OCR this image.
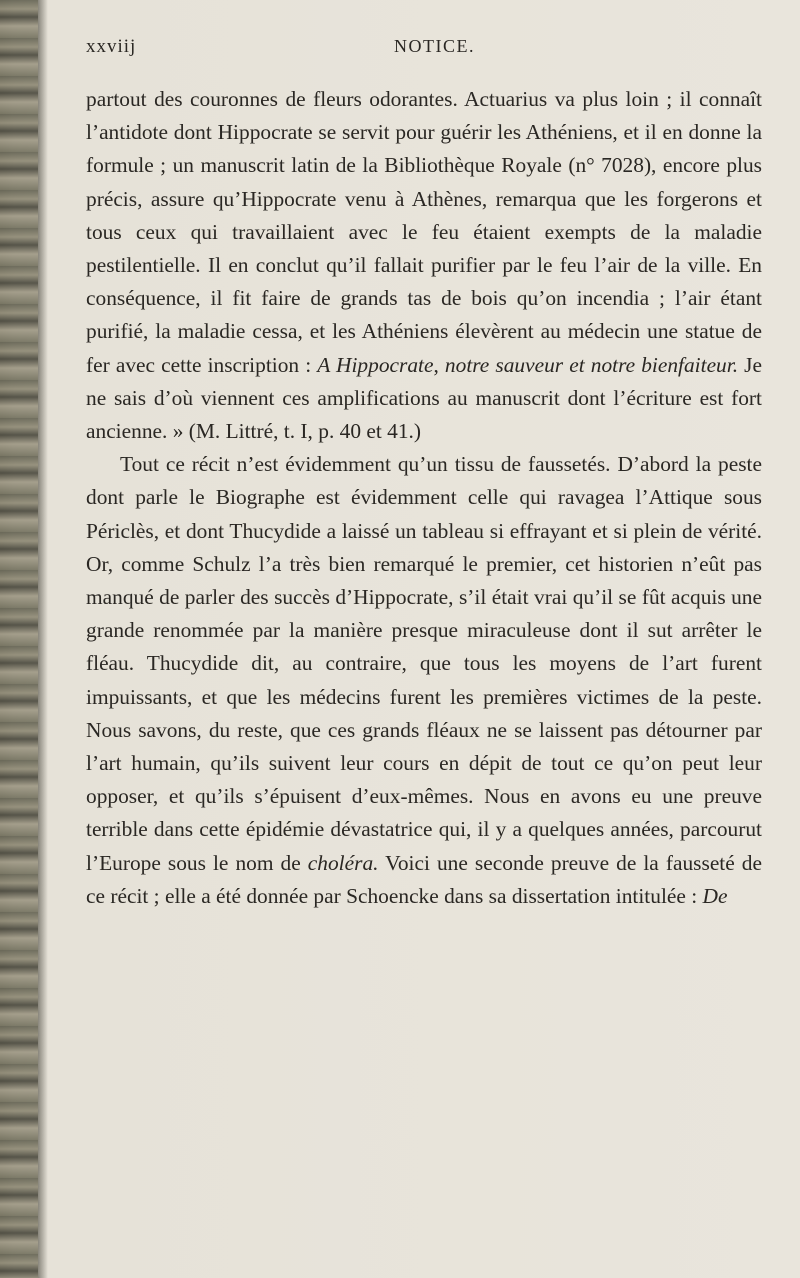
xxviij	NOTICE.

partout des couronnes de fleurs odorantes. Actuarius va plus loin ; il connaît l’antidote dont Hippocrate se servit pour guérir les Athéniens, et il en donne la formule ; un manuscrit latin de la Bibliothèque Royale (n° 7028), encore plus précis, assure qu’Hippocrate venu à Athènes, remarqua que les forgerons et tous ceux qui travaillaient avec le feu étaient exempts de la maladie pestilentielle. Il en conclut qu’il fallait purifier par le feu l’air de la ville. En conséquence, il fit faire de grands tas de bois qu’on incendia ; l’air étant purifié, la maladie cessa, et les Athéniens élevèrent au médecin une statue de fer avec cette inscription : A Hippocrate, notre sauveur et notre bienfaiteur. Je ne sais d’où viennent ces amplifications au manuscrit dont l’écriture est fort ancienne. » (M. Littré, t. I, p. 40 et 41.)

Tout ce récit n’est évidemment qu’un tissu de faussetés. D’abord la peste dont parle le Biographe est évidemment celle qui ravagea l’Attique sous Périclès, et dont Thucydide a laissé un tableau si effrayant et si plein de vérité. Or, comme Schulz l’a très bien remarqué le premier, cet historien n’eût pas manqué de parler des succès d’Hippocrate, s’il était vrai qu’il se fût acquis une grande renommée par la manière presque miraculeuse dont il sut arrêter le fléau. Thucydide dit, au contraire, que tous les moyens de l’art furent impuissants, et que les médecins furent les premières victimes de la peste. Nous savons, du reste, que ces grands fléaux ne se laissent pas détourner par l’art humain, qu’ils suivent leur cours en dépit de tout ce qu’on peut leur opposer, et qu’ils s’épuisent d’eux-mêmes. Nous en avons eu une preuve terrible dans cette épidémie dévastatrice qui, il y a quelques années, parcourut l’Europe sous le nom de choléra. Voici une seconde preuve de la fausseté de ce récit ; elle a été donnée par Schoencke dans sa dissertation intitulée : De
